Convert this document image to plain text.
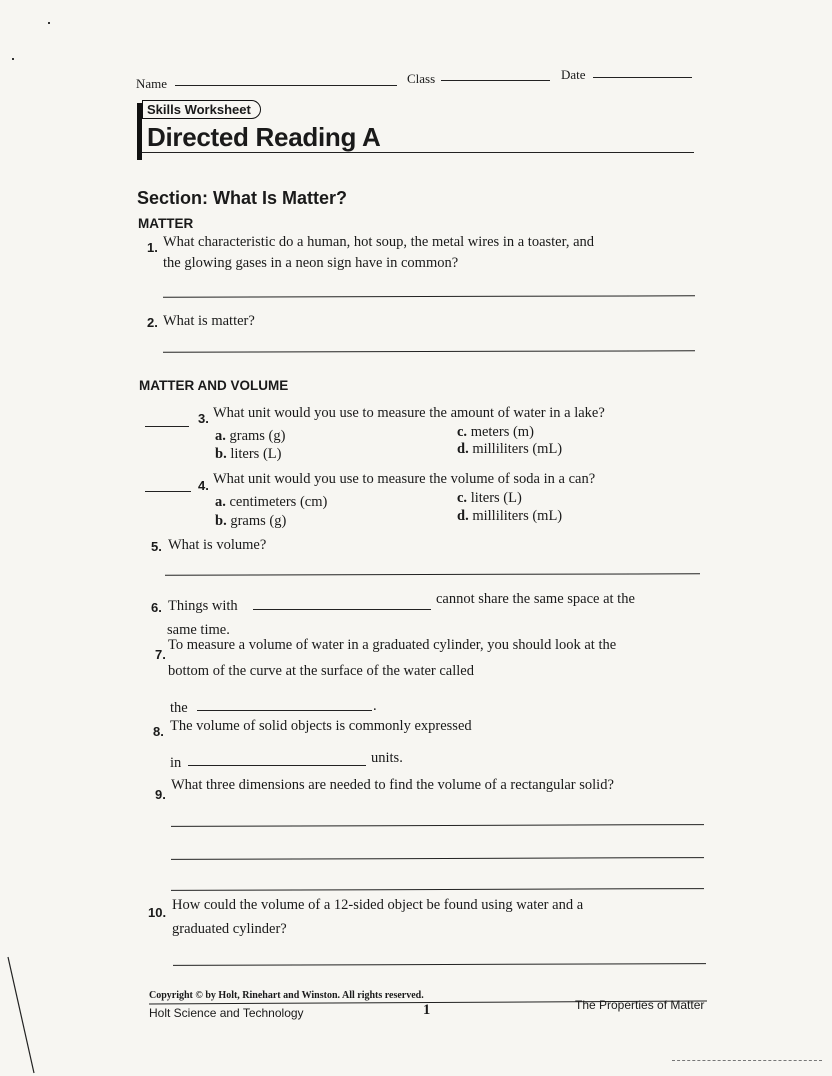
Name	Class	Date
Skills Worksheet
Directed Reading A
Section: What Is Matter?
MATTER
1. What characteristic do a human, hot soup, the metal wires in a toaster, and
the glowing gases in a neon sign have in common?
2. What is matter?
MATTER AND VOLUME
3. What unit would you use to measure the amount of water in a lake?
a. grams (g)
b. liters (L)
c. meters (m)
d. milliliters (mL)
4. What unit would you use to measure the volume of soda in a can?
a. centimeters (cm)
b. grams (g)
c. liters (L)
d. milliliters (mL)
5. What is volume?
6. Things with	cannot share the same space at the
same time.
7.
To measure a volume of water in a graduated cylinder, you should look at the
bottom of the curve at the surface of the water called
the	.
8. The volume of solid objects is commonly expressed
in	units.
9.
What three dimensions are needed to find the volume of a rectangular solid?
10. How could the volume of a 12-sided object be found using water and a
graduated cylinder?
Copyright © by Holt, Rinehart and Winston. All rights reserved.
Holt Science and Technology	1	The Properties of Matter
